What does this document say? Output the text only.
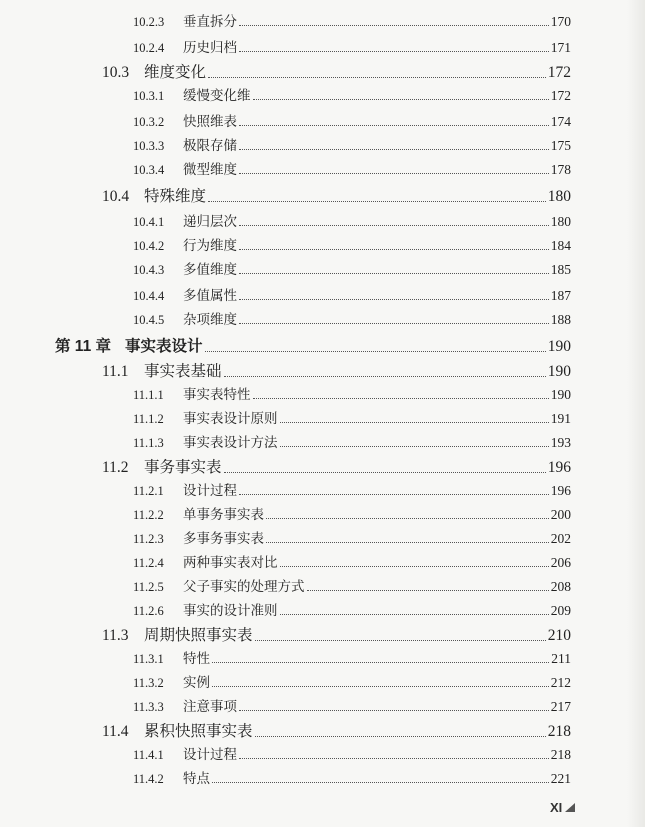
10.2.3	垂直拆分	170
10.2.4	历史归档	171
10.3 维度变化	172
10.3.1	缓慢变化维	172
10.3.2	快照维表	174
10.3.3	极限存储	175
10.3.4	微型维度	178
10.4 特殊维度	180
10.4.1	递归层次	180
10.4.2	行为维度	184
10.4.3	多值维度	185
10.4.4	多值属性	187
10.4.5	杂项维度	188
第 11 章 事实表设计	190
11.1 事实表基础	190
11.1.1	事实表特性	190
11.1.2	事实表设计原则	191
11.1.3	事实表设计方法	193
11.2 事务事实表	196
11.2.1	设计过程	196
11.2.2	单事务事实表	200
11.2.3	多事务事实表	202
11.2.4	两种事实表对比	206
11.2.5	父子事实的处理方式	208
11.2.6	事实的设计准则	209
11.3 周期快照事实表	210
11.3.1	特性	211
11.3.2	实例	212
11.3.3	注意事项	217
11.4 累积快照事实表	218
11.4.1	设计过程	218
11.4.2	特点	221
XI
